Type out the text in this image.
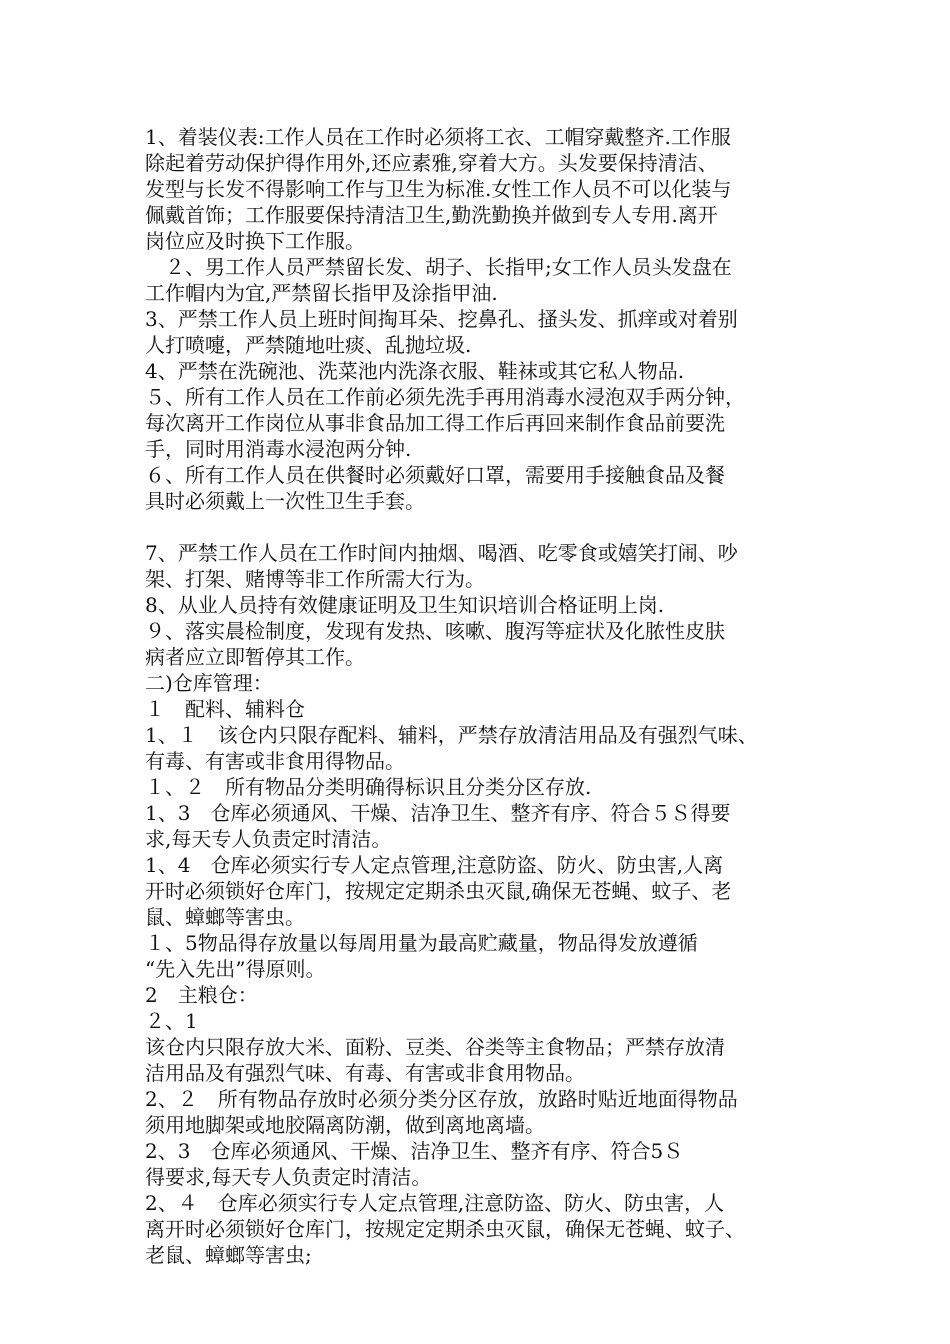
1、着装仪表:工作人员在工作时必须将工衣、工帽穿戴整齐.工作服
除起着劳动保护得作用外,还应素雅,穿着大方。头发要保持清洁、
发型与长发不得影响工作与卫生为标准.女性工作人员不可以化装与
佩戴首饰；工作服要保持清洁卫生,勤洗勤换并做到专人专用.离开
岗位应及时换下工作服。
　２、男工作人员严禁留长发、胡子、长指甲;女工作人员头发盘在
工作帽内为宜,严禁留长指甲及涂指甲油.
3、严禁工作人员上班时间掏耳朵、挖鼻孔、搔头发、抓痒或对着别
人打喷嚏，严禁随地吐痰、乱抛垃圾.
4、严禁在洗碗池、洗菜池内洗涤衣服、鞋袜或其它私人物品.
５、所有工作人员在工作前必须先洗手再用消毒水浸泡双手两分钟，
每次离开工作岗位从事非食品加工得工作后再回来制作食品前要洗
手，同时用消毒水浸泡两分钟.
６、所有工作人员在供餐时必须戴好口罩，需要用手接触食品及餐
具时必须戴上一次性卫生手套。
7、严禁工作人员在工作时间内抽烟、喝酒、吃零食或嬉笑打闹、吵
架、打架、赌博等非工作所需大行为。
8、从业人员持有效健康证明及卫生知识培训合格证明上岗.
９、落实晨检制度，发现有发热、咳嗽、腹泻等症状及化脓性皮肤
病者应立即暂停其工作。
二)仓库管理：
１　配料、辅料仓
1、１　该仓内只限存配料、辅料，严禁存放清洁用品及有强烈气味、
有毒、有害或非食用得物品。
１、２　所有物品分类明确得标识且分类分区存放.
1、3　仓库必须通风、干燥、洁净卫生、整齐有序、符合５Ｓ得要
求,每天专人负责定时清洁。
1、4　仓库必须实行专人定点管理,注意防盗、防火、防虫害,人离
开时必须锁好仓库门，按规定定期杀虫灭鼠,确保无苍蝇、蚊子、老
鼠、蟑螂等害虫。
１、5物品得存放量以每周用量为最高贮藏量，物品得发放遵循
“先入先出”得原则。
2　主粮仓：
２、1
该仓内只限存放大米、面粉、豆类、谷类等主食物品；严禁存放清
洁用品及有强烈气味、有毒、有害或非食用物品。
2、２　所有物品存放时必须分类分区存放，放路时贴近地面得物品
须用地脚架或地胶隔离防潮，做到离地离墙。
2、3　仓库必须通风、干燥、洁净卫生、整齐有序、符合5Ｓ
得要求,每天专人负责定时清洁。
2、４　仓库必须实行专人定点管理,注意防盗、防火、防虫害，人
离开时必须锁好仓库门，按规定定期杀虫灭鼠，确保无苍蝇、蚊子、
老鼠、蟑螂等害虫;
